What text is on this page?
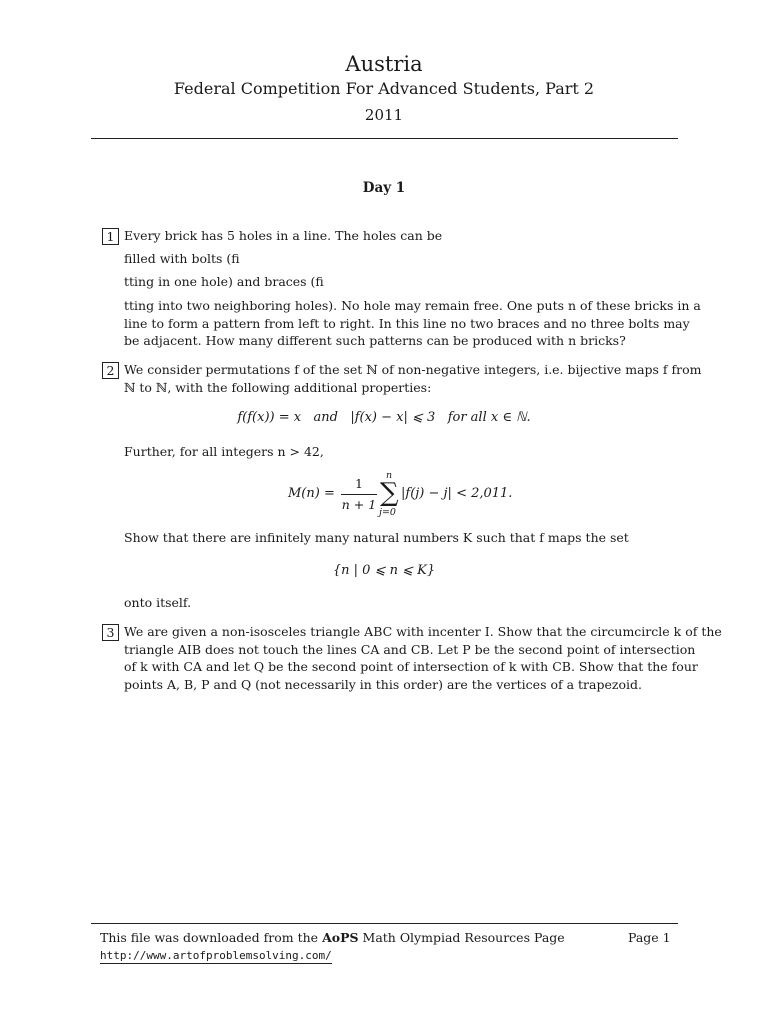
Austria
Federal Competition For Advanced Students, Part 2
2011
Day 1
1 Every brick has 5 holes in a line. The holes can be
filled with bolts (fi
tting in one hole) and braces (fi
tting into two neighboring holes). No hole may remain free. One puts n of these bricks in a
line to form a pattern from left to right. In this line no two braces and no three bolts may
be adjacent. How many different such patterns can be produced with n bricks?
2 We consider permutations f of the set ℕ of non-negative integers, i.e. bijective maps f from
ℕ to ℕ, with the following additional properties:
f(f(x)) = x   and   |f(x) − x| ⩽ 3   for all x ∈ ℕ.
Further, for all integers n > 42,
M(n) =
1
n + 1
n
∑
j=0
|f(j) − j| < 2,011.
Show that there are infinitely many natural numbers K such that f maps the set
{n | 0 ⩽ n ⩽ K}
onto itself.
3 We are given a non-isosceles triangle ABC with incenter I. Show that the circumcircle k of the
triangle AIB does not touch the lines CA and CB. Let P be the second point of intersection
of k with CA and let Q be the second point of intersection of k with CB. Show that the four
points A, B, P and Q (not necessarily in this order) are the vertices of a trapezoid.
This file was downloaded from the AoPS Math Olympiad Resources Page	Page 1
http://www.artofproblemsolving.com/
